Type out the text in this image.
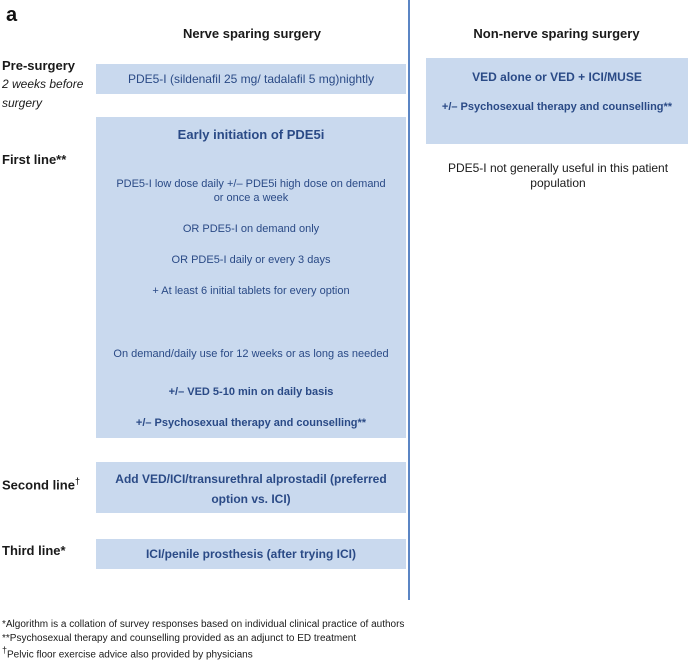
a
Nerve sparing surgery	Non-nerve sparing surgery
Pre-surgery
2 weeks before
surgery
First line**
Second line†
Third line*
PDE5-I (sildenafil 25 mg/ tadalafil 5 mg)nightly
Early initiation of PDE5i
PDE5-I low dose daily +/– PDE5i high dose on demand
or once a week
OR PDE5-I on demand only
OR PDE5-I daily or every 3 days
+ At least 6 initial tablets for every option
On demand/daily use for 12 weeks or as long as needed
+/– VED 5-10 min on daily basis
+/– Psychosexual therapy and counselling**
Add VED/ICI/transurethral alprostadil (preferred
option vs. ICI)
ICI/penile prosthesis (after trying ICI)
VED alone or VED + ICI/MUSE
+/– Psychosexual therapy and counselling**
PDE5-I not generally useful in this patient
population
*Algorithm is a collation of survey responses based on individual clinical practice of authors
**Psychosexual therapy and counselling provided as an adjunct to ED treatment
†Pelvic floor exercise advice also provided by physicians
